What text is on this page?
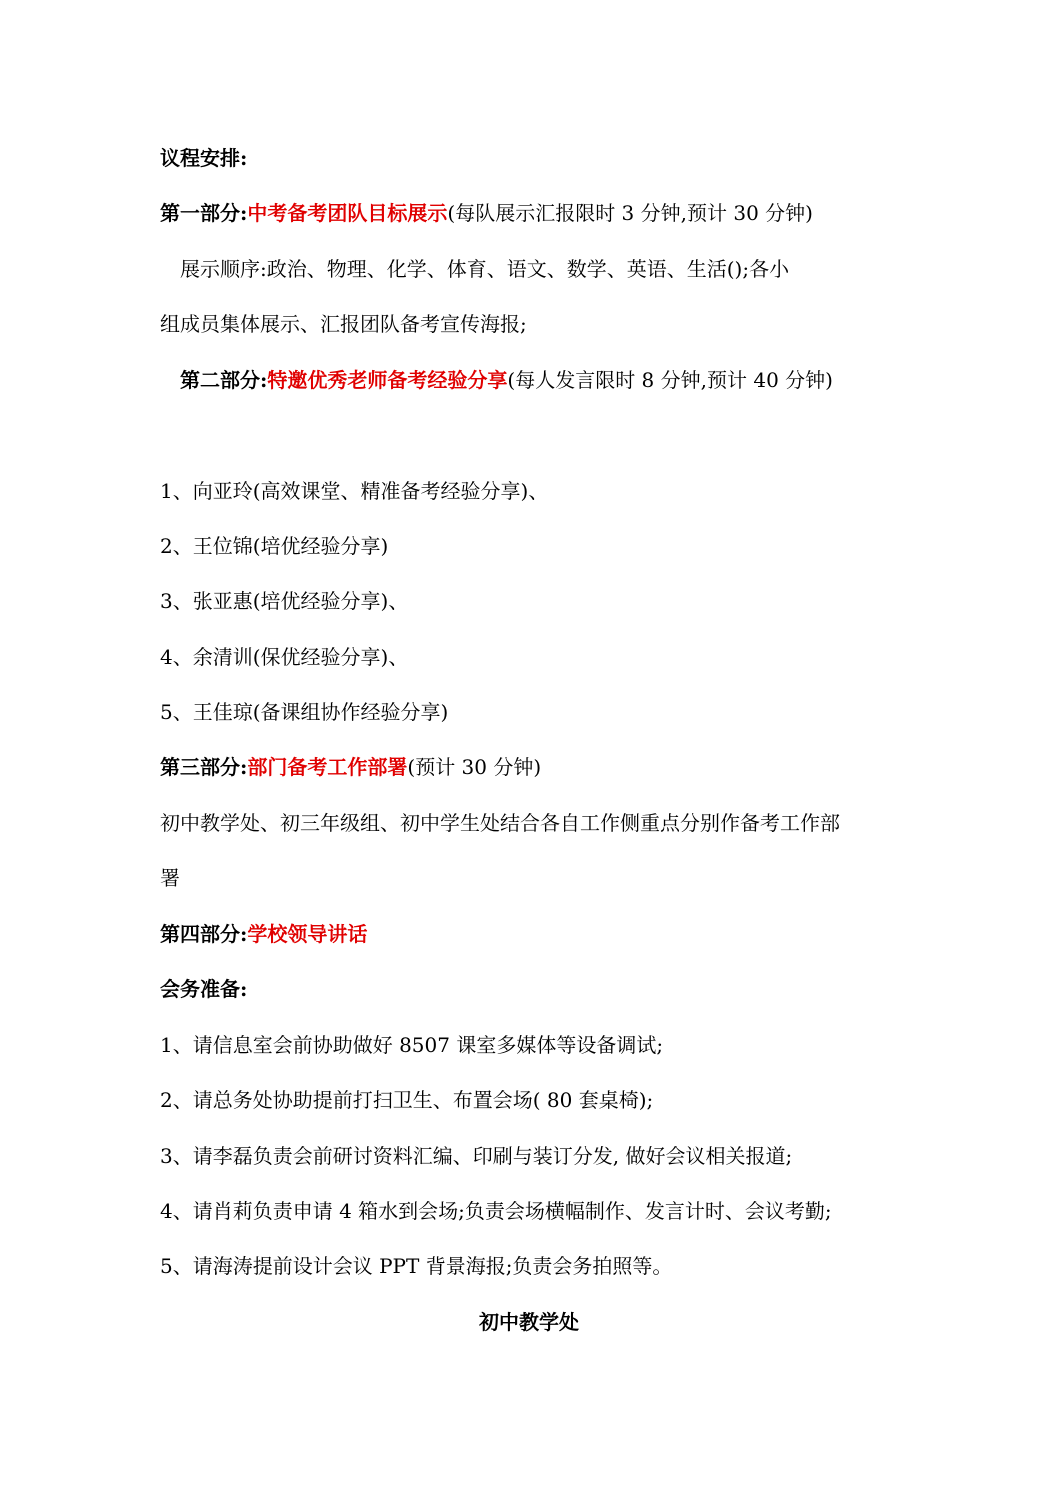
议程安排:
第一部分:中考备考团队目标展示(每队展示汇报限时 3 分钟,预计 30 分钟)
展示顺序:政治、物理、化学、体育、语文、数学、英语、生活();各小
组成员集体展示、汇报团队备考宣传海报;
第二部分:特邀优秀老师备考经验分享(每人发言限时 8 分钟,预计 40 分钟)
1、向亚玲(高效课堂、精准备考经验分享)、
2、王位锦(培优经验分享)
3、张亚惠(培优经验分享)、
4、余清训(保优经验分享)、
5、王佳琼(备课组协作经验分享)
第三部分:部门备考工作部署(预计 30 分钟)
初中教学处、初三年级组、初中学生处结合各自工作侧重点分别作备考工作部
署
第四部分:学校领导讲话
会务准备:
1、请信息室会前协助做好 8507 课室多媒体等设备调试;
2、请总务处协助提前打扫卫生、布置会场( 80 套桌椅);
3、请李磊负责会前研讨资料汇编、印刷与装订分发, 做好会议相关报道;
4、请肖莉负责申请 4 箱水到会场;负责会场横幅制作、发言计时、会议考勤;
5、请海涛提前设计会议 PPT 背景海报;负责会务拍照等。
初中教学处
